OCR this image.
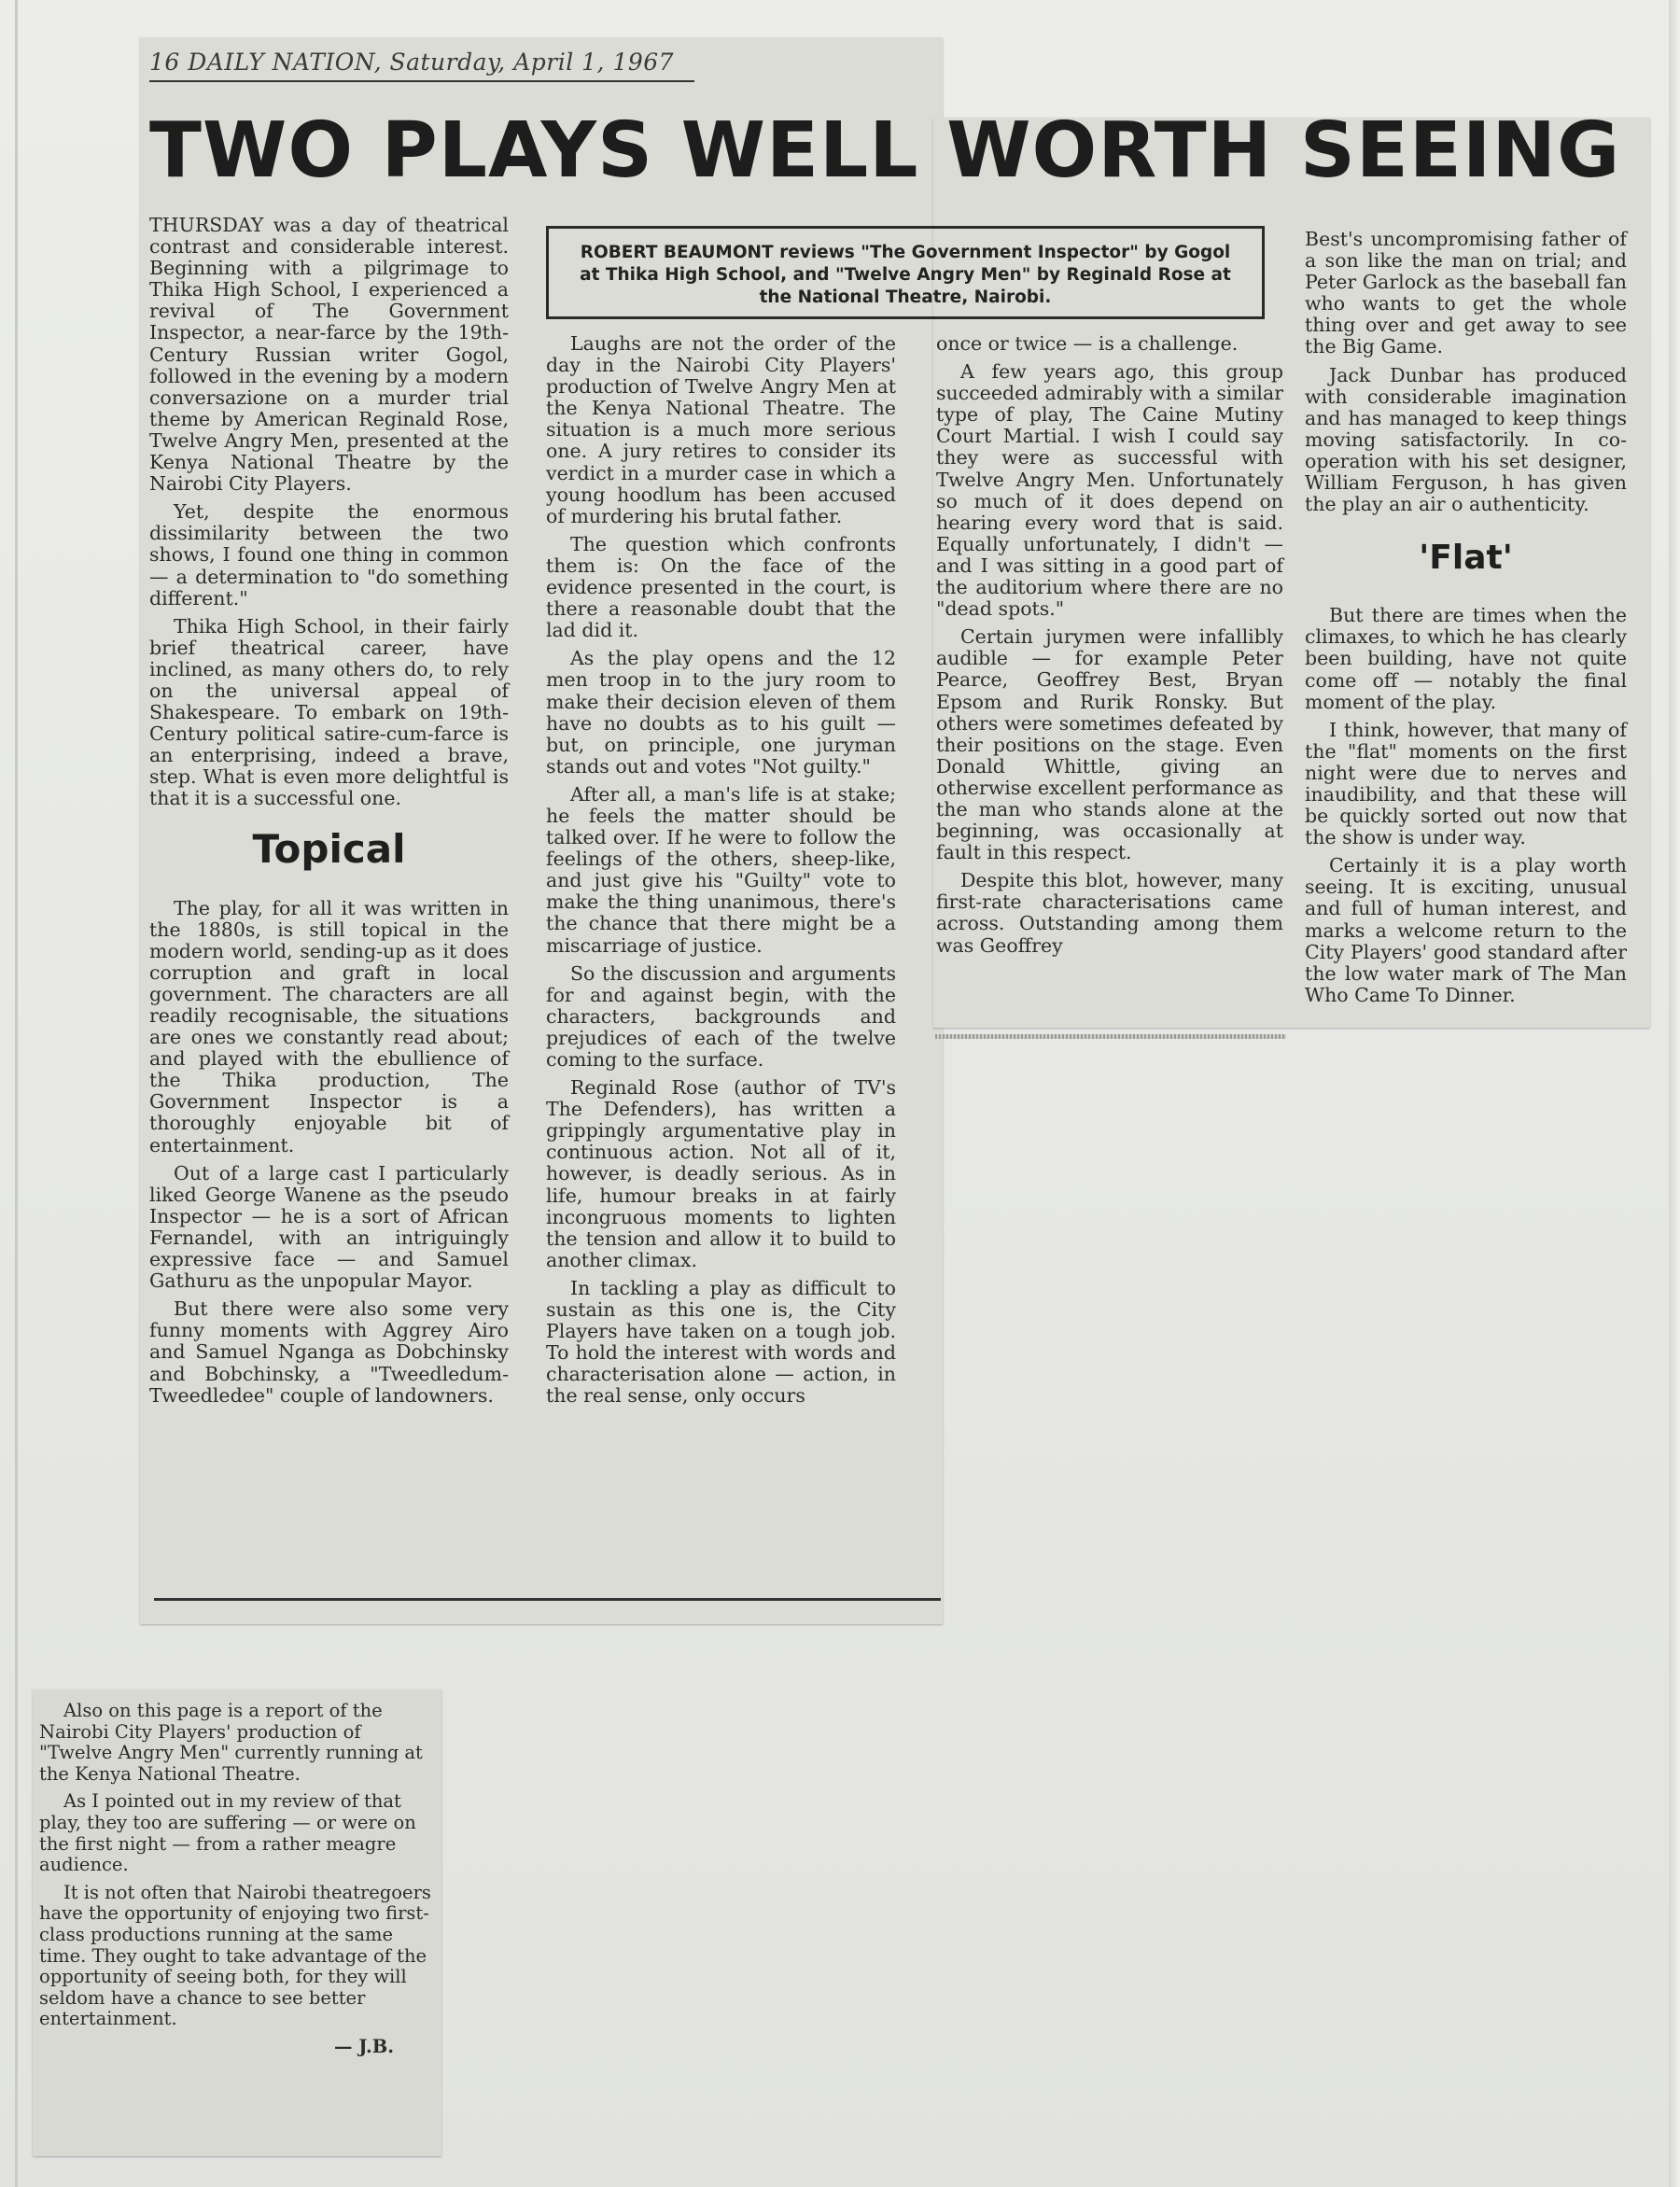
16 DAILY NATION, Saturday, April 1, 1967
TWO PLAYS WELL WORTH SEEING
ROBERT BEAUMONT reviews "The Government Inspector" by Gogol at Thika High School, and "Twelve Angry Men" by Reginald Rose at the National Theatre, Nairobi.

THURSDAY was a day of theatrical contrast and considerable interest. Beginning with a pilgrimage to Thika High School, I experienced a revival of The Government Inspector, a near-farce by the 19th-Century Russian writer Gogol, followed in the evening by a modern conversazione on a murder trial theme by American Reginald Rose, Twelve Angry Men, presented at the Kenya National Theatre by the Nairobi City Players.

Yet, despite the enormous dissimilarity between the two shows, I found one thing in common — a determination to "do something different."

Thika High School, in their fairly brief theatrical career, have inclined, as many others do, to rely on the universal appeal of Shakespeare. To embark on 19th-Century political satire-cum-farce is an enterprising, indeed a brave, step. What is even more delightful is that it is a successful one.

Topical

The play, for all it was written in the 1880s, is still topical in the modern world, sending-up as it does corruption and graft in local government. The characters are all readily recognisable, the situations are ones we constantly read about; and played with the ebullience of the Thika production, The Government Inspector is a thoroughly enjoyable bit of entertainment.

Out of a large cast I particularly liked George Wanene as the pseudo Inspector — he is a sort of African Fernandel, with an intriguingly expressive face — and Samuel Gathuru as the unpopular Mayor.

But there were also some very funny moments with Aggrey Airo and Samuel Nganga as Dobchinsky and Bobchinsky, a "Tweedledum-Tweedledee" couple of landowners.

Laughs are not the order of the day in the Nairobi City Players' production of Twelve Angry Men at the Kenya National Theatre. The situation is a much more serious one. A jury retires to consider its verdict in a murder case in which a young hoodlum has been accused of murdering his brutal father.

The question which confronts them is: On the face of the evidence presented in the court, is there a reasonable doubt that the lad did it.

As the play opens and the 12 men troop in to the jury room to make their decision eleven of them have no doubts as to his guilt — but, on principle, one juryman stands out and votes "Not guilty."

After all, a man's life is at stake; he feels the matter should be talked over. If he were to follow the feelings of the others, sheep-like, and just give his "Guilty" vote to make the thing unanimous, there's the chance that there might be a miscarriage of justice.

So the discussion and arguments for and against begin, with the characters, backgrounds and prejudices of each of the twelve coming to the surface.

Reginald Rose (author of TV's The Defenders), has written a grippingly argumentative play in continuous action. Not all of it, however, is deadly serious. As in life, humour breaks in at fairly incongruous moments to lighten the tension and allow it to build to another climax.

In tackling a play as difficult to sustain as this one is, the City Players have taken on a tough job. To hold the interest with words and characterisation alone — action, in the real sense, only occurs

once or twice — is a challenge.

A few years ago, this group succeeded admirably with a similar type of play, The Caine Mutiny Court Martial. I wish I could say they were as successful with Twelve Angry Men. Unfortunately so much of it does depend on hearing every word that is said. Equally unfortunately, I didn't — and I was sitting in a good part of the auditorium where there are no "dead spots."

Certain jurymen were infallibly audible — for example Peter Pearce, Geoffrey Best, Bryan Epsom and Rurik Ronsky. But others were sometimes defeated by their positions on the stage. Even Donald Whittle, giving an otherwise excellent performance as the man who stands alone at the beginning, was occasionally at fault in this respect.

Despite this blot, however, many first-rate characterisations came across. Outstanding among them was Geoffrey

Best's uncompromising father of a son like the man on trial; and Peter Garlock as the baseball fan who wants to get the whole thing over and get away to see the Big Game.

Jack Dunbar has produced with considerable imagination and has managed to keep things moving satisfactorily. In co-operation with his set designer, William Ferguson, h has given the play an air o authenticity.

'Flat'

But there are times when the climaxes, to which he has clearly been building, have not quite come off — notably the final moment of the play.

I think, however, that many of the "flat" moments on the first night were due to nerves and inaudibility, and that these will be quickly sorted out now that the show is under way.

Certainly it is a play worth seeing. It is exciting, unusual and full of human interest, and marks a welcome return to the City Players' good standard after the low water mark of The Man Who Came To Dinner.

Also on this page is a report of the Nairobi City Players' production of "Twelve Angry Men" currently running at the Kenya National Theatre.

As I pointed out in my review of that play, they too are suffering — or were on the first night — from a rather meagre audience.

It is not often that Nairobi theatregoers have the opportunity of enjoying two first-class productions running at the same time. They ought to take advantage of the opportunity of seeing both, for they will seldom have a chance to see better entertainment.

— J.B.
